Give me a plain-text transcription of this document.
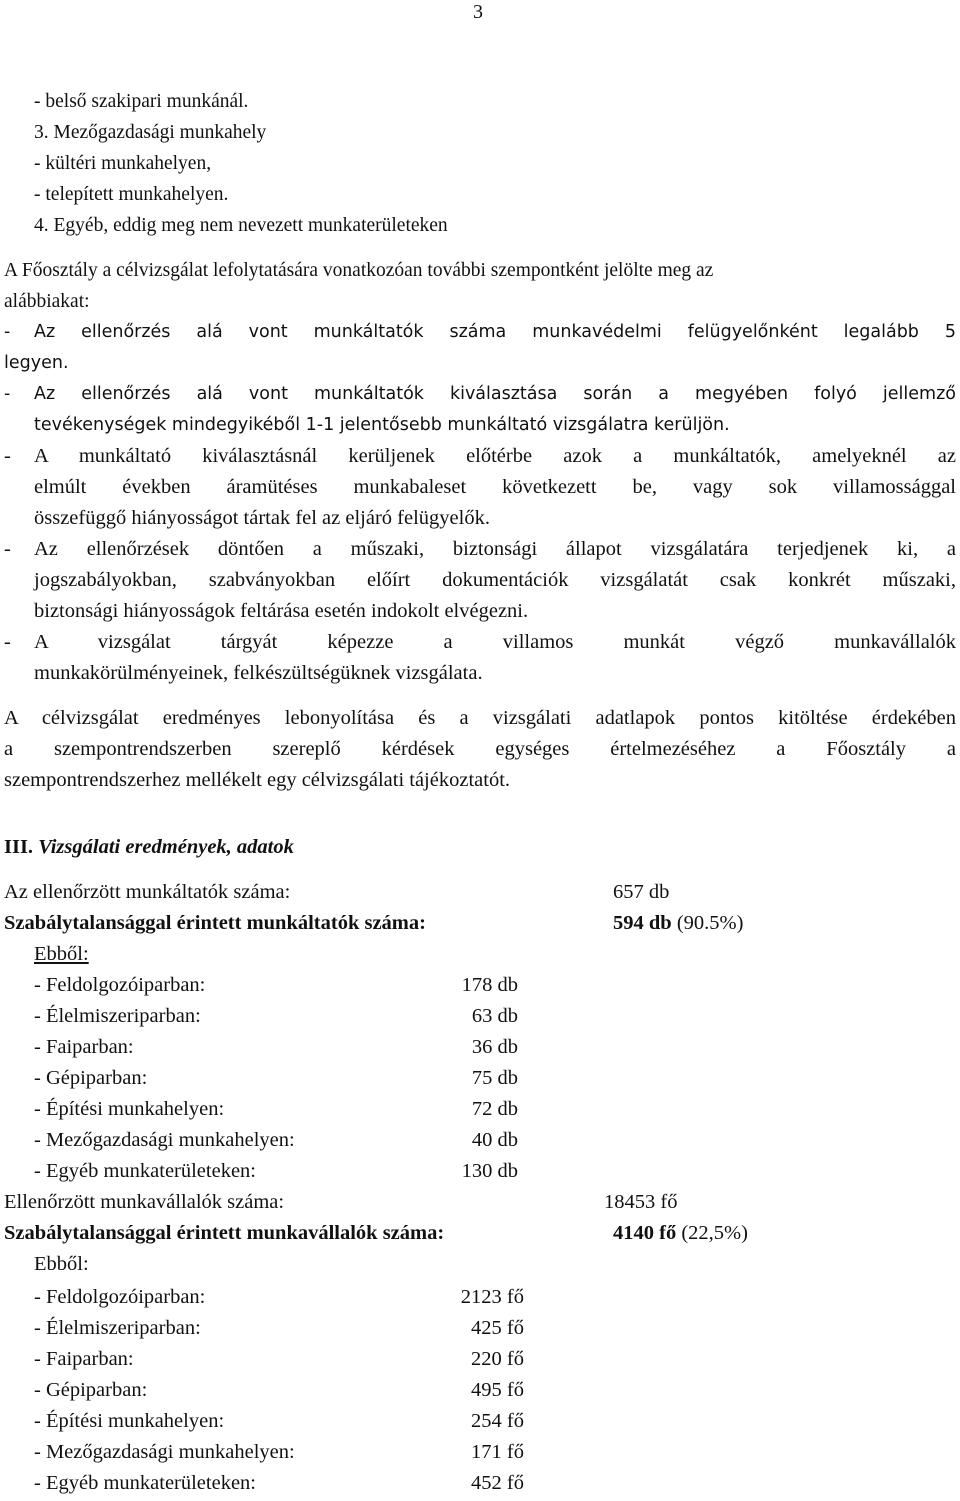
3
- belső szakipari munkánál.
3. Mezőgazdasági munkahely
- kültéri munkahelyen,
- telepített munkahelyen.
4. Egyéb, eddig meg nem nevezett munkaterületeken
A Főosztály a célvizsgálat lefolytatására vonatkozóan további szempontként jelölte meg az
alábbiakat:
- Az ellenőrzés alá vont munkáltatók száma munkavédelmi felügyelőnként legalább 5
legyen.
- Az ellenőrzés alá vont munkáltatók kiválasztása során a megyében folyó jellemző
tevékenységek mindegyikéből 1-1 jelentősebb munkáltató vizsgálatra kerüljön.
- A munkáltató kiválasztásnál kerüljenek előtérbe azok a munkáltatók, amelyeknél az
elmúlt években áramütéses munkabaleset következett be, vagy sok villamossággal
összefüggő hiányosságot tártak fel az eljáró felügyelők.
- Az ellenőrzések döntően a műszaki, biztonsági állapot vizsgálatára terjedjenek ki, a
jogszabályokban, szabványokban előírt dokumentációk vizsgálatát csak konkrét műszaki,
biztonsági hiányosságok feltárása esetén indokolt elvégezni.
- A vizsgálat tárgyát képezze a villamos munkát végző munkavállalók
munkakörülményeinek, felkészültségüknek vizsgálata.
A célvizsgálat eredményes lebonyolítása és a vizsgálati adatlapok pontos kitöltése érdekében
a szempontrendszerben szereplő kérdések egységes értelmezéséhez a Főosztály a
szempontrendszerhez mellékelt egy célvizsgálati tájékoztatót.
III. Vizsgálati eredmények, adatok
Az ellenőrzött munkáltatók száma:	657 db
Szabálytalansággal érintett munkáltatók száma:	594 db (90.5%)
Ebből:
- Feldolgozóiparban:	178 db
- Élelmiszeriparban:	63 db
- Faiparban:	36 db
- Gépiparban:	75 db
- Építési munkahelyen:	72 db
- Mezőgazdasági munkahelyen:	40 db
- Egyéb munkaterületeken:	130 db
Ellenőrzött munkavállalók száma:	18453 fő
Szabálytalansággal érintett munkavállalók száma:	4140 fő (22,5%)
Ebből:
- Feldolgozóiparban:	2123 fő
- Élelmiszeriparban:	425 fő
- Faiparban:	220 fő
- Gépiparban:	495 fő
- Építési munkahelyen:	254 fő
- Mezőgazdasági munkahelyen:	171 fő
- Egyéb munkaterületeken:	452 fő
